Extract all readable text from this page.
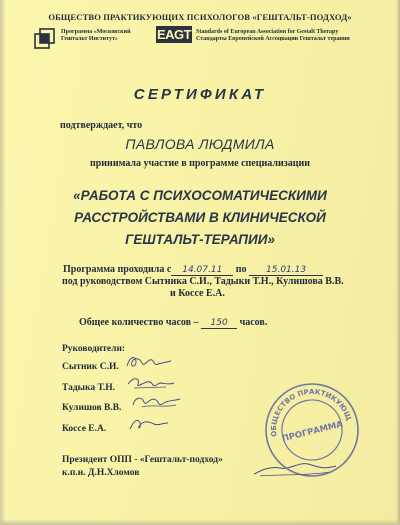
ОБЩЕСТВО ПРАКТИКУЮЩИХ ПСИХОЛОГОВ «ГЕШТАЛЬТ-ПОДХОД»
Программа «Московский
Гештальт Институт»	EAGT Standards of European Association for Gestalt Therapy
Стандарты Европейской Ассоциации Гештальт терапии
СЕРТИФИКАТ
подтверждает, что
ПАВЛОВА ЛЮДМИЛА
принимала участие в программе специализации
«РАБОТА С ПСИХОСОМАТИЧЕСКИМИ
РАССТРОЙСТВАМИ В КЛИНИЧЕСКОЙ
ГЕШТАЛЬТ-ТЕРАПИИ»
Программа проходила с 14.07.11 по 15.01.13
под руководством Сытника С.И., Тадыки Т.Н., Кулишова В.В.
и Коссе Е.А.
Общее количество часов – 150 часов.
Руководители:
Сытник С.И.
Тадыка Т.Н.
Кулишов В.В.
Коссе Е.А.
Президент ОПП - «Гештальт-подход»
к.п.н. Д.Н.Хломов
ОБЩЕСТВО ПРАКТИКУЮЩИХ
ПРОГРАММА
